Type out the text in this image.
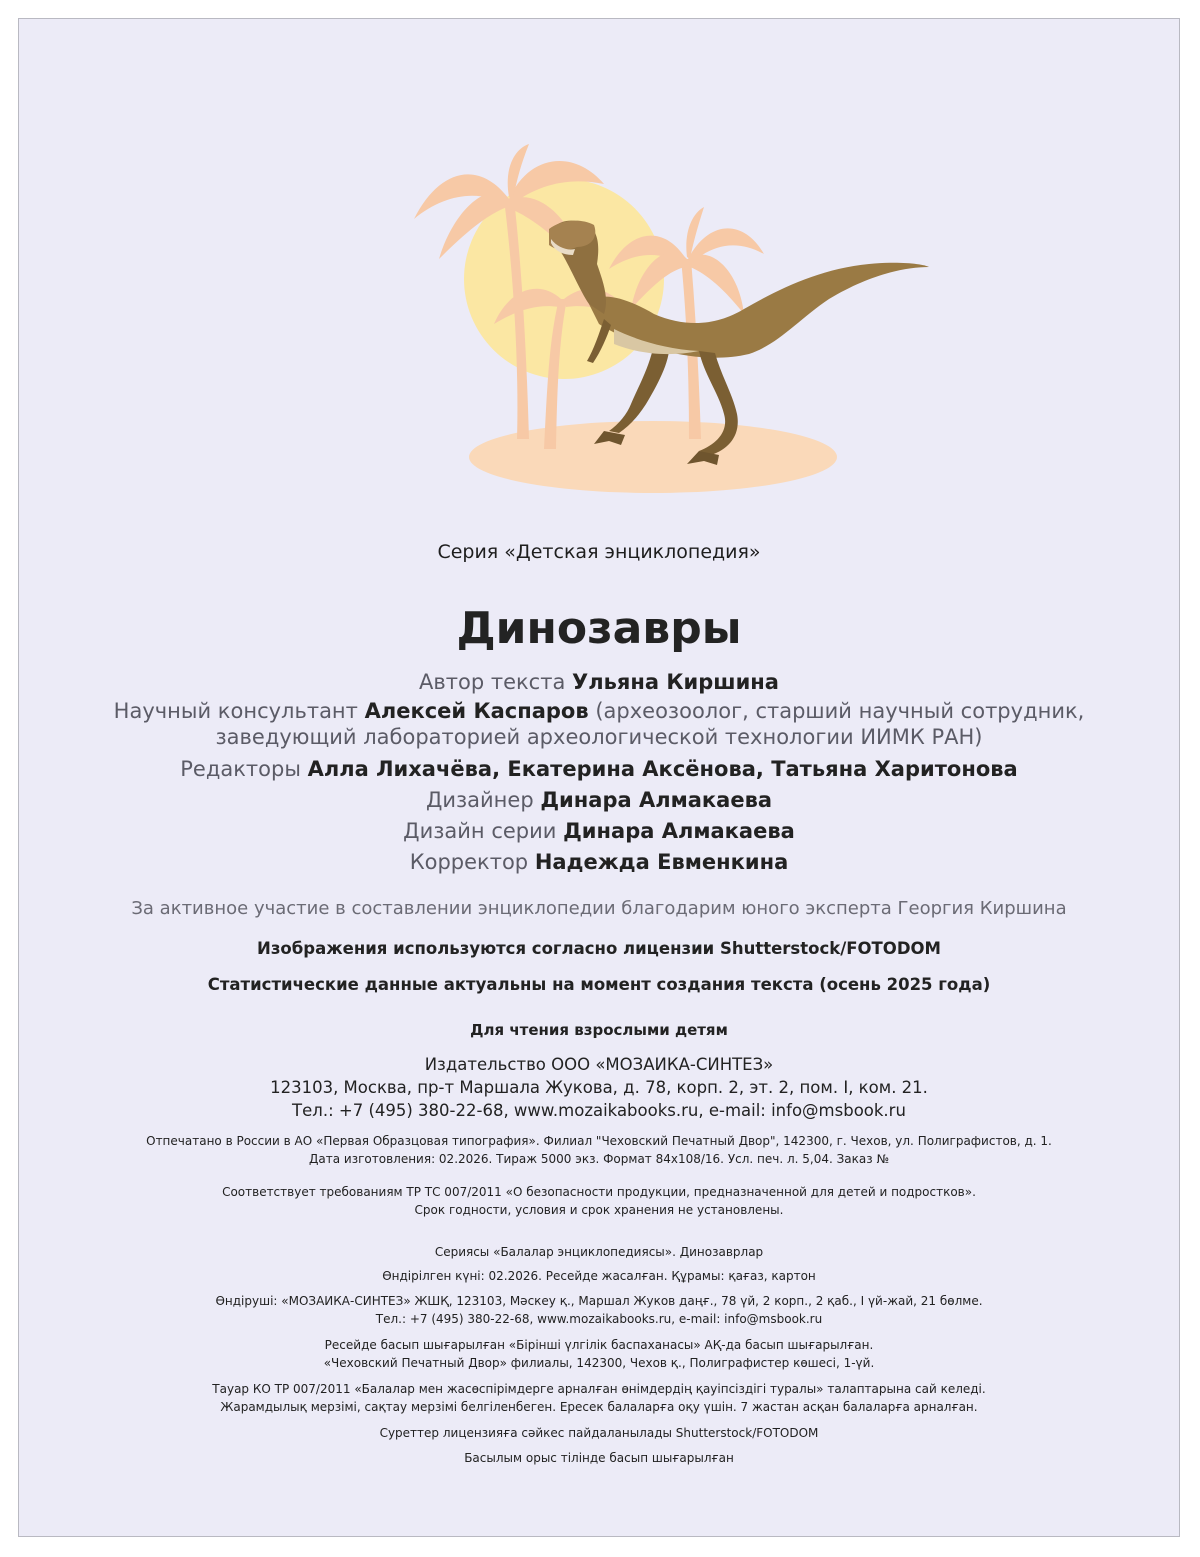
Серия «Детская энциклопедия»
Динозавры
Автор текста Ульяна Киршина
Научный консультант Алексей Каспаров (археозоолог, старший научный сотрудник,
заведующий лабораторией археологической технологии ИИМК РАН)
Редакторы Алла Лихачёва, Екатерина Аксёнова, Татьяна Харитонова
Дизайнер Динара Алмакаева
Дизайн серии Динара Алмакаева
Корректор Надежда Евменкина
За активное участие в составлении энциклопедии благодарим юного эксперта Георгия Киршина
Изображения используются согласно лицензии Shutterstock/FOTODOM
Статистические данные актуальны на момент создания текста (осень 2025 года)
Для чтения взрослыми детям
Издательство ООО «МОЗАИКА-СИНТЕЗ»
123103, Москва, пр-т Маршала Жукова, д. 78, корп. 2, эт. 2, пом. I, ком. 21.
Тел.: +7 (495) 380-22-68, www.mozaikabooks.ru, e-mail: info@msbook.ru
Отпечатано в России в АО «Первая Образцовая типография». Филиал "Чеховский Печатный Двор", 142300, г. Чехов, ул. Полиграфистов, д. 1.
Дата изготовления: 02.2026. Тираж 5000 экз. Формат 84х108/16. Усл. печ. л. 5,04. Заказ №
Соответствует требованиям ТР ТС 007/2011 «О безопасности продукции, предназначенной для детей и подростков».
Срок годности, условия и срок хранения не установлены.
Сериясы «Балалар энциклопедиясы». Динозаврлар
Өндірілген күні: 02.2026. Ресейде жасалған. Құрамы: қағаз, картон
Өндіруші: «МОЗАИКА-СИНТЕЗ» ЖШҚ, 123103, Мәскеу қ., Маршал Жуков даңғ., 78 үй, 2 корп., 2 қаб., I үй-жай, 21 бөлме.
Тел.: +7 (495) 380-22-68, www.mozaikabooks.ru, e-mail: info@msbook.ru
Ресейде басып шығарылған «Бірінші үлгілік баспаханасы» АҚ-да басып шығарылған.
«Чеховский Печатный Двор» филиалы, 142300, Чехов қ., Полиграфистер көшесі, 1-үй.
Тауар КО ТР 007/2011 «Балалар мен жасөспірімдерге арналған өнімдердің қауіпсіздігі туралы» талаптарына сай келеді.
Жарамдылық мерзімі, сақтау мерзімі белгіленбеген. Ересек балаларға оқу үшін. 7 жастан асқан балаларға арналған.
Суреттер лицензияға сәйкес пайдаланылады Shutterstock/FOTODOM
Басылым орыс тілінде басып шығарылған
